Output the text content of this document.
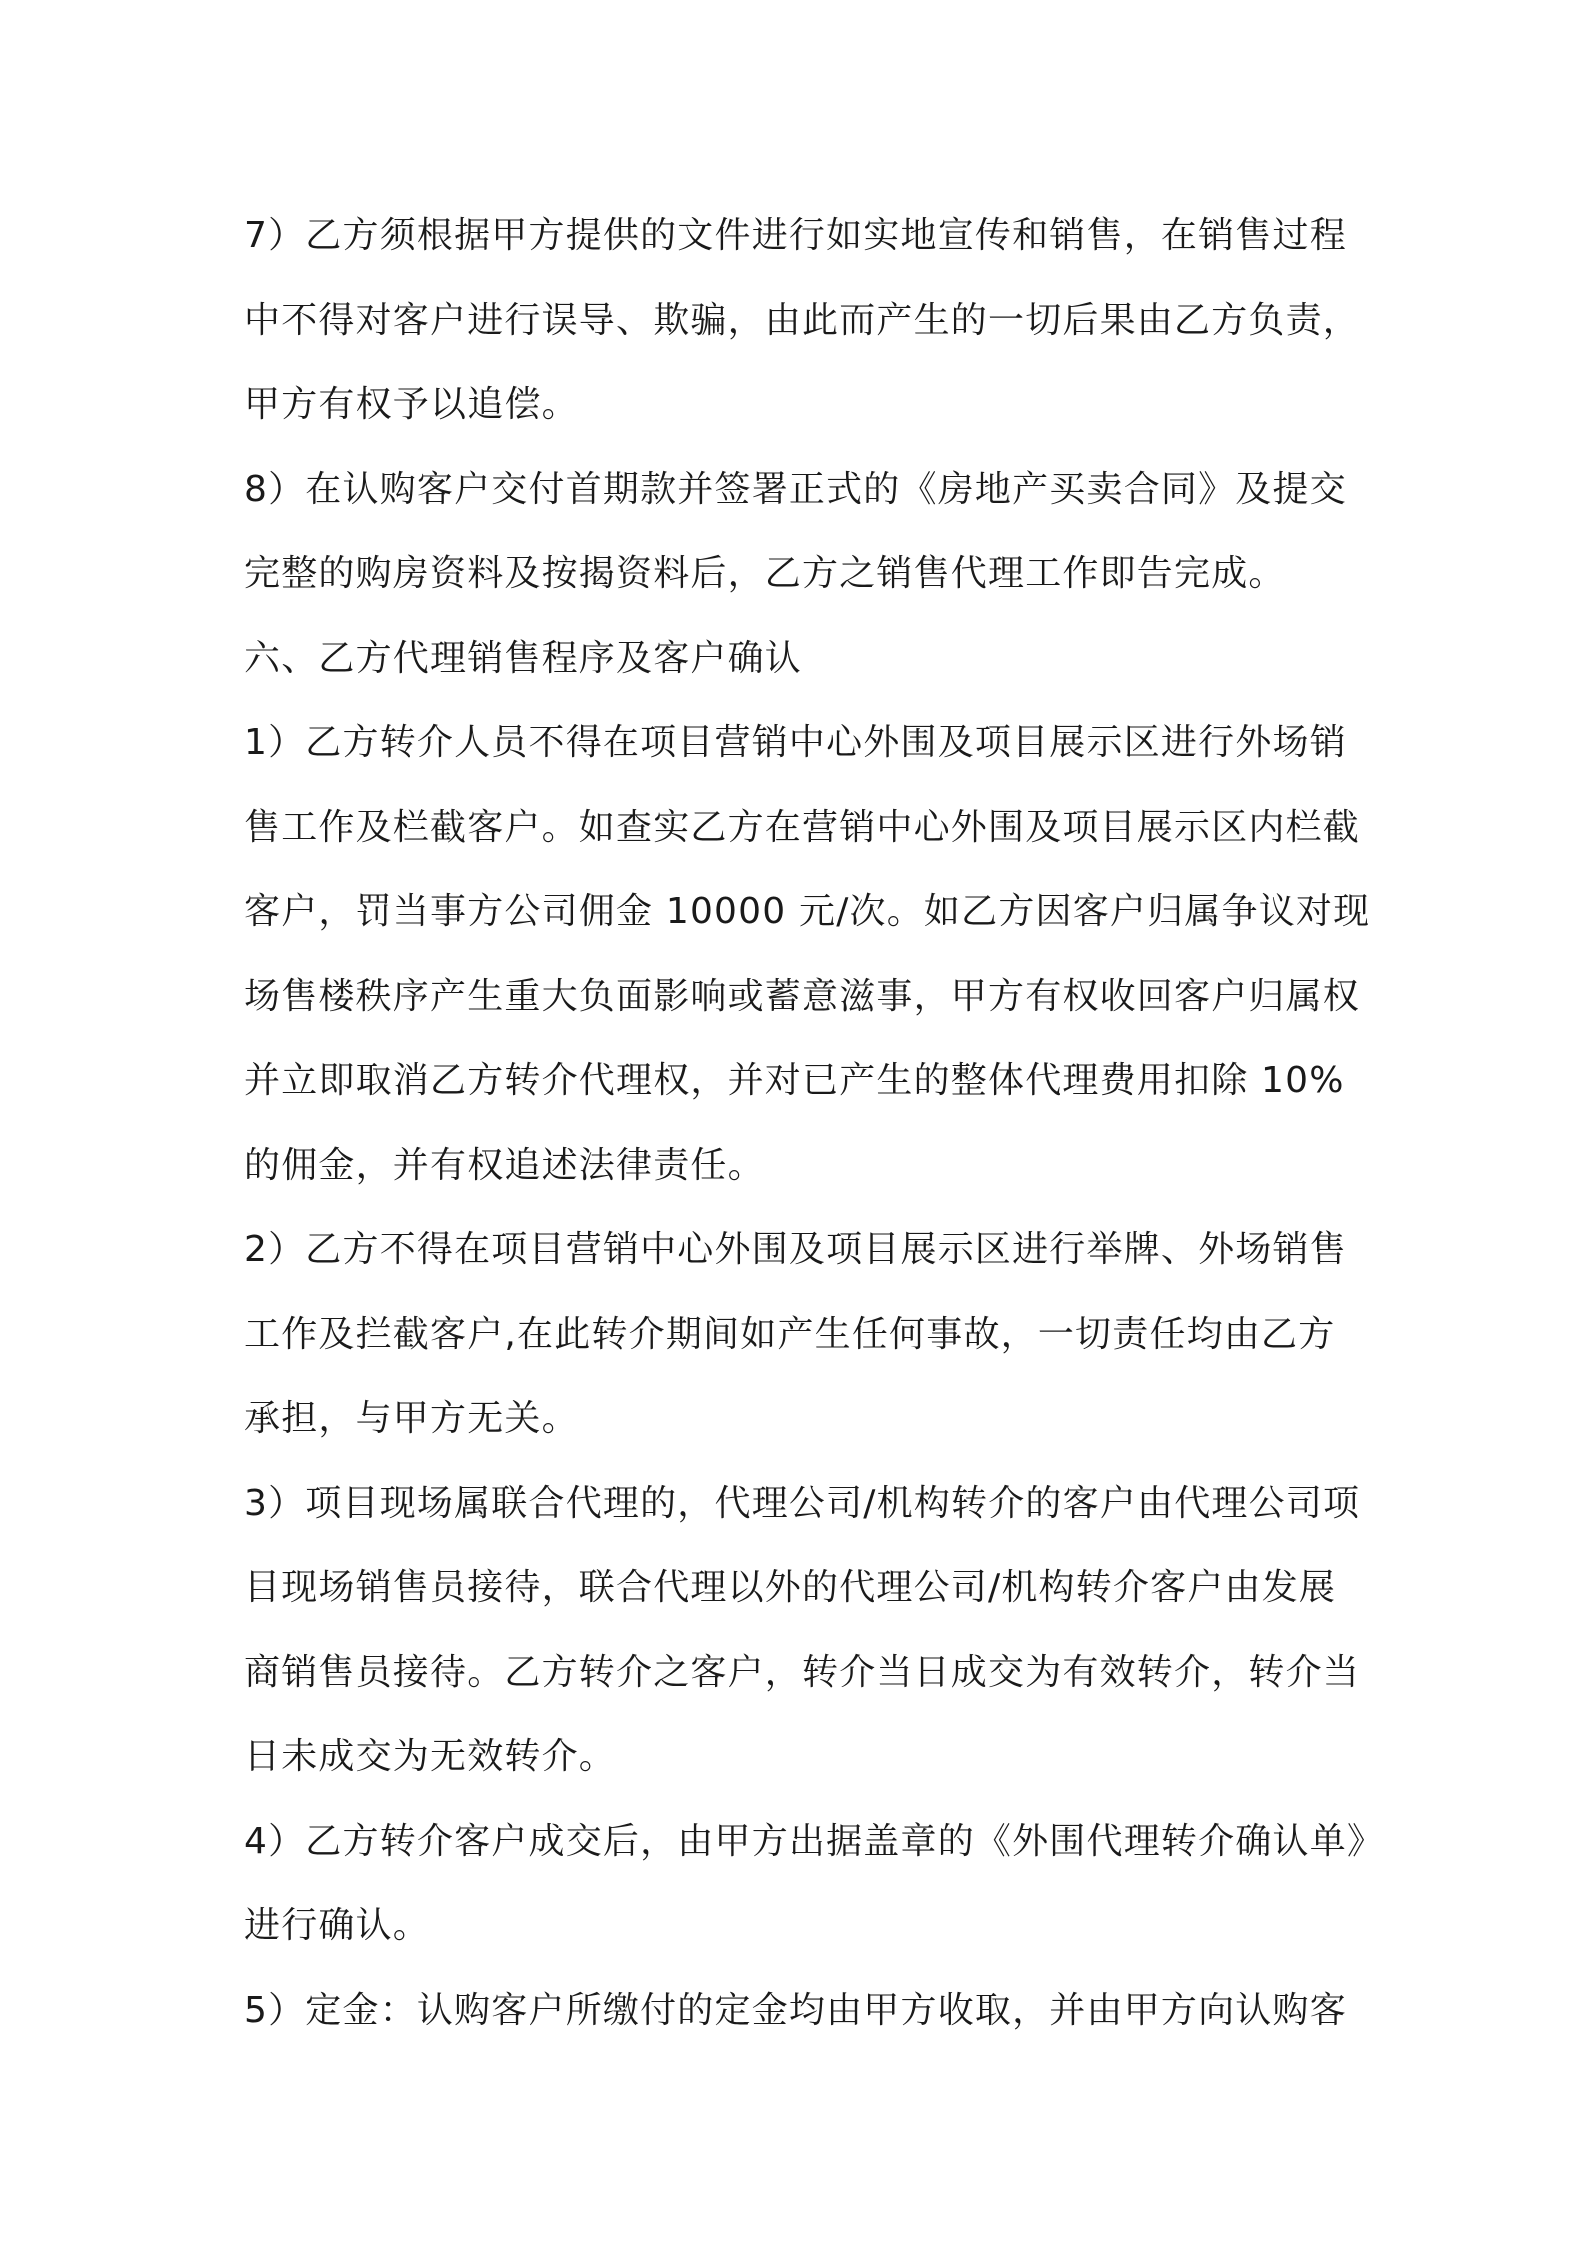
7）乙方须根据甲方提供的文件进行如实地宣传和销售，在销售过程
中不得对客户进行误导、欺骗，由此而产生的一切后果由乙方负责，
甲方有权予以追偿。
8）在认购客户交付首期款并签署正式的《房地产买卖合同》及提交
完整的购房资料及按揭资料后，乙方之销售代理工作即告完成。
六、乙方代理销售程序及客户确认
1）乙方转介人员不得在项目营销中心外围及项目展示区进行外场销
售工作及栏截客户。如查实乙方在营销中心外围及项目展示区内栏截
客户，罚当事方公司佣金 10000 元/次。如乙方因客户归属争议对现
场售楼秩序产生重大负面影响或蓄意滋事，甲方有权收回客户归属权
并立即取消乙方转介代理权，并对已产生的整体代理费用扣除 10%
的佣金，并有权追述法律责任。
2）乙方不得在项目营销中心外围及项目展示区进行举牌、外场销售
工作及拦截客户,在此转介期间如产生任何事故，一切责任均由乙方
承担，与甲方无关。
3）项目现场属联合代理的，代理公司/机构转介的客户由代理公司项
目现场销售员接待，联合代理以外的代理公司/机构转介客户由发展
商销售员接待。乙方转介之客户，转介当日成交为有效转介，转介当
日未成交为无效转介。
4）乙方转介客户成交后，由甲方出据盖章的《外围代理转介确认单》
进行确认。
5）定金：认购客户所缴付的定金均由甲方收取，并由甲方向认购客
